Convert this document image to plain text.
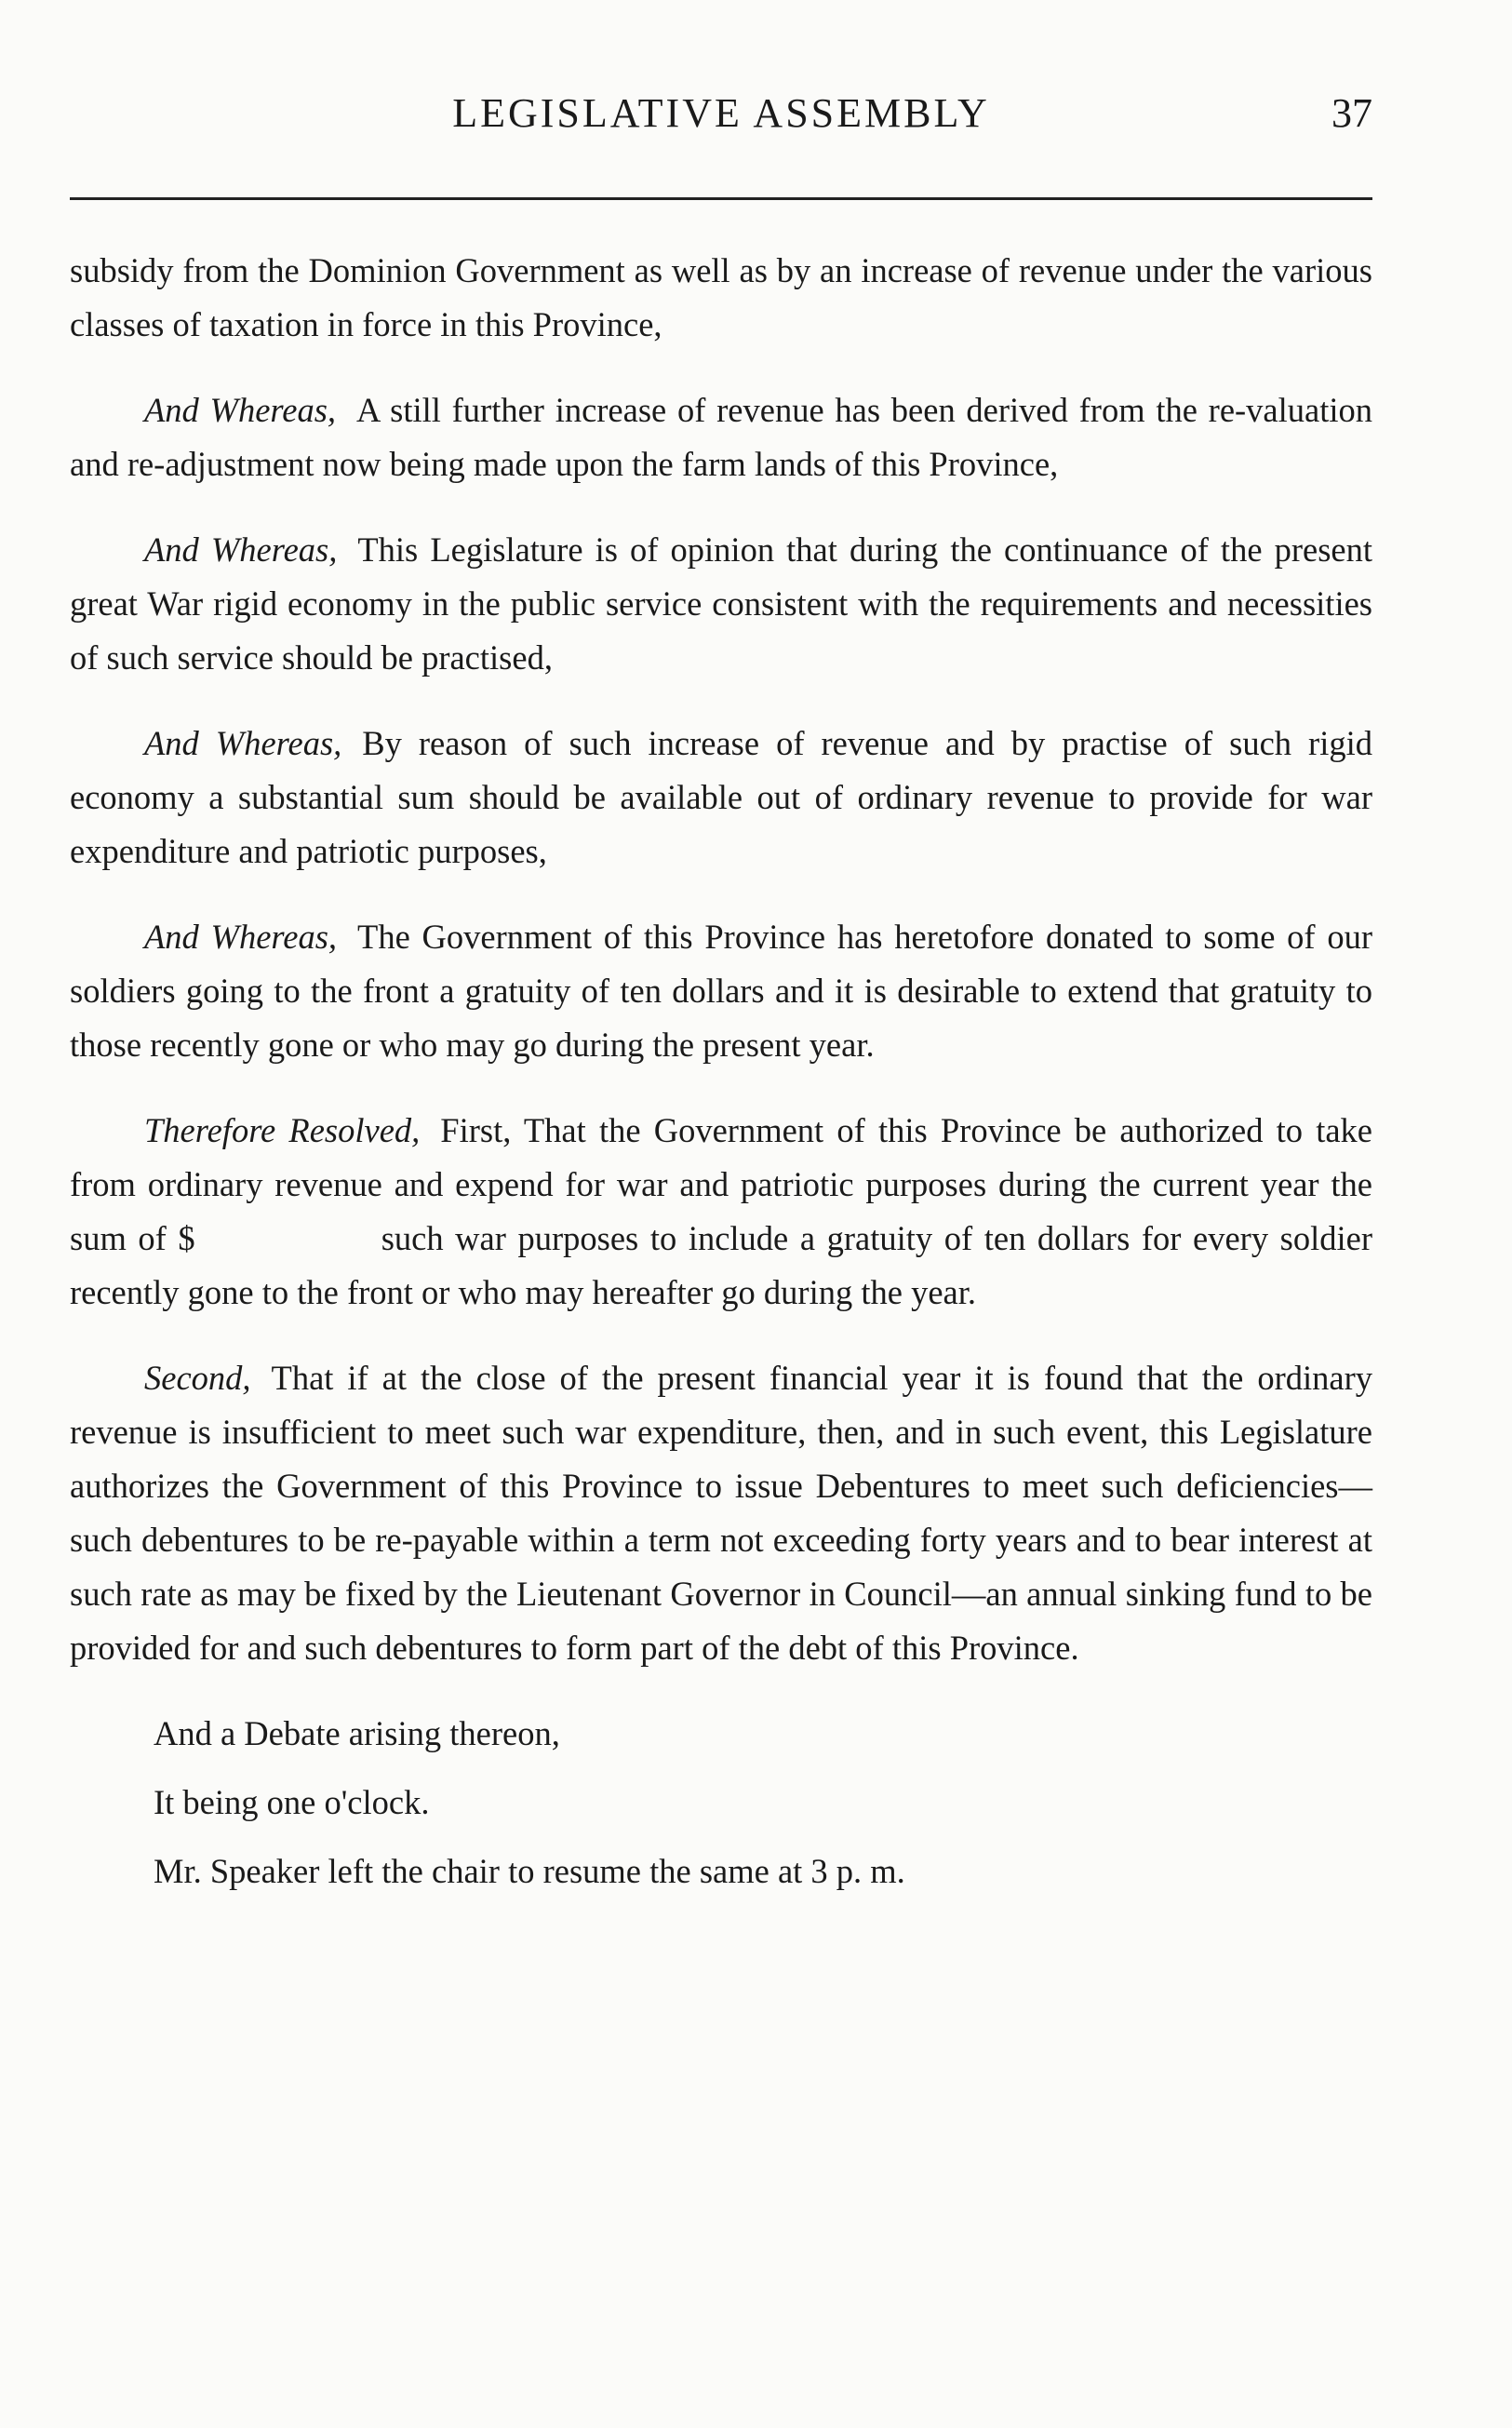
LEGISLATIVE ASSEMBLY	37

subsidy from the Dominion Government as well as by an increase of revenue under the various classes of taxation in force in this Province,

And Whereas, A still further increase of revenue has been derived from the re-valuation and re-adjustment now being made upon the farm lands of this Province,

And Whereas, This Legislature is of opinion that during the continuance of the present great War rigid economy in the public service consistent with the requirements and necessities of such service should be practised,

And Whereas, By reason of such increase of revenue and by practise of such rigid economy a substantial sum should be available out of ordinary revenue to provide for war expenditure and patriotic purposes,

And Whereas, The Government of this Province has heretofore donated to some of our soldiers going to the front a gratuity of ten dollars and it is desirable to extend that gratuity to those recently gone or who may go during the present year.

Therefore Resolved, First, That the Government of this Province be authorized to take from ordinary revenue and expend for war and patriotic purposes during the current year the sum of $	such war purposes to include a gratuity of ten dollars for every soldier recently gone to the front or who may hereafter go during the year.

Second, That if at the close of the present financial year it is found that the ordinary revenue is insufficient to meet such war expenditure, then, and in such event, this Legislature authorizes the Government of this Province to issue Debentures to meet such deficiencies—such debentures to be re-payable within a term not exceeding forty years and to bear interest at such rate as may be fixed by the Lieutenant Governor in Council—an annual sinking fund to be provided for and such debentures to form part of the debt of this Province.

And a Debate arising thereon,

It being one o'clock.

Mr. Speaker left the chair to resume the same at 3 p. m.
